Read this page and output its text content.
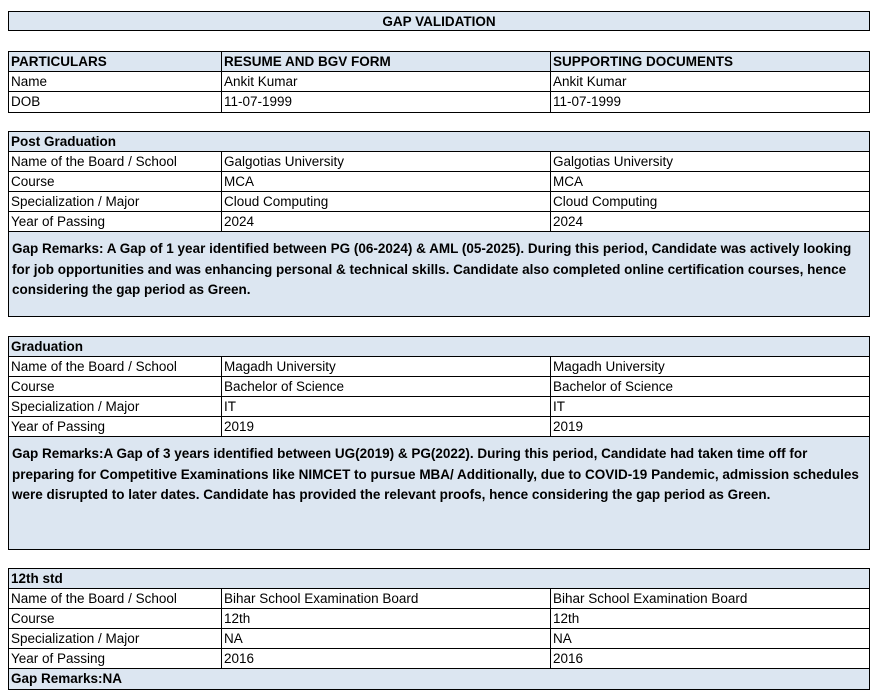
GAP VALIDATION
PARTICULARS	RESUME AND BGV FORM	SUPPORTING DOCUMENTS
Name	Ankit Kumar	Ankit Kumar
DOB	11-07-1999	11-07-1999
Post Graduation
Name of the Board / School	Galgotias University	Galgotias University
Course	MCA	MCA
Specialization / Major	Cloud Computing	Cloud Computing
Year of Passing	2024	2024
Gap Remarks: A Gap of 1 year identified between PG (06-2024) & AML (05-2025). During this period, Candidate was actively looking for job opportunities and was enhancing personal & technical skills. Candidate also completed online certification courses, hence considering the gap period as Green.
Graduation
Name of the Board / School	Magadh University	Magadh University
Course	Bachelor of Science	Bachelor of Science
Specialization / Major	IT	IT
Year of Passing	2019	2019
Gap Remarks:A Gap of 3 years identified between UG(2019) & PG(2022). During this period, Candidate had taken time off for preparing for Competitive Examinations like NIMCET to pursue MBA/ Additionally, due to COVID-19 Pandemic, admission schedules were disrupted to later dates. Candidate has provided the relevant proofs, hence considering the gap period as Green.
12th std
Name of the Board / School	Bihar School Examination Board	Bihar School Examination Board
Course	12th	12th
Specialization / Major	NA	NA
Year of Passing	2016	2016
Gap Remarks:NA
